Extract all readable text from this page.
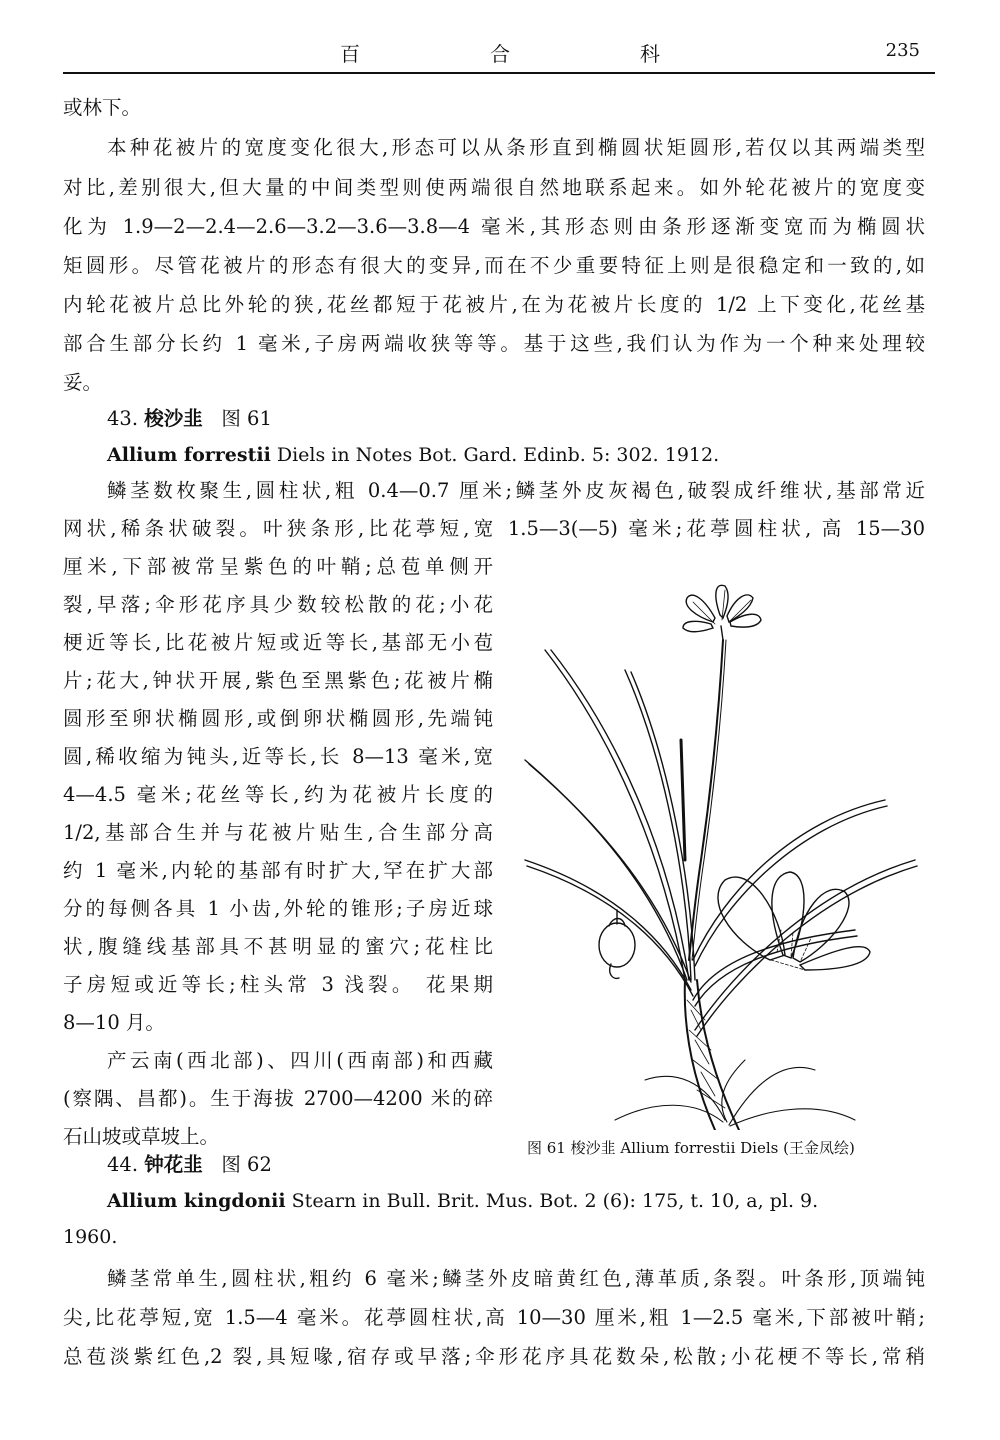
百	合	科	235
或林下。
本种花被片的宽度变化很大,形态可以从条形直到椭圆状矩圆形,若仅以其两端类型
对比,差别很大,但大量的中间类型则使两端很自然地联系起来。如外轮花被片的宽度变
化为 1.9—2—2.4—2.6—3.2—3.6—3.8—4 毫米,其形态则由条形逐渐变宽而为椭圆状
矩圆形。尽管花被片的形态有很大的变异,而在不少重要特征上则是很稳定和一致的,如
内轮花被片总比外轮的狭,花丝都短于花被片,在为花被片长度的 1/2 上下变化,花丝基
部合生部分长约 1 毫米,子房两端收狭等等。基于这些,我们认为作为一个种来处理较
妥。
43. 梭沙韭 图 61
Allium forrestii Diels in Notes Bot. Gard. Edinb. 5: 302. 1912.
鳞茎数枚聚生,圆柱状,粗 0.4—0.7 厘米;鳞茎外皮灰褐色,破裂成纤维状,基部常近
网状,稀条状破裂。叶狭条形,比花葶短,宽 1.5—3(—5) 毫米;花葶圆柱状, 高 15—30
厘米,下部被常呈紫色的叶鞘;总苞单侧开
裂,早落;伞形花序具少数较松散的花;小花
梗近等长,比花被片短或近等长,基部无小苞
片;花大,钟状开展,紫色至黑紫色;花被片椭
圆形至卵状椭圆形,或倒卵状椭圆形,先端钝
圆,稀收缩为钝头,近等长,长 8—13 毫米,宽
4—4.5 毫米;花丝等长,约为花被片长度的
1/2,基部合生并与花被片贴生,合生部分高
约 1 毫米,内轮的基部有时扩大,罕在扩大部
分的每侧各具 1 小齿,外轮的锥形;子房近球
状,腹缝线基部具不甚明显的蜜穴;花柱比
子房短或近等长;柱头常 3 浅裂。 花果期
8—10 月。
产云南(西北部)、四川(西南部)和西藏
(察隅、昌都)。生于海拔 2700—4200 米的碎
石山坡或草坡上。	图 61 梭沙韭 Allium forrestii Diels (王金凤绘)
44. 钟花韭 图 62
Allium kingdonii Stearn in Bull. Brit. Mus. Bot. 2 (6): 175, t. 10, a, pl. 9.
1960.
鳞茎常单生,圆柱状,粗约 6 毫米;鳞茎外皮暗黄红色,薄革质,条裂。叶条形,顶端钝
尖,比花葶短,宽 1.5—4 毫米。花葶圆柱状,高 10—30 厘米,粗 1—2.5 毫米,下部被叶鞘;
总苞淡紫红色,2 裂,具短喙,宿存或早落;伞形花序具花数朵,松散;小花梗不等长,常稍
